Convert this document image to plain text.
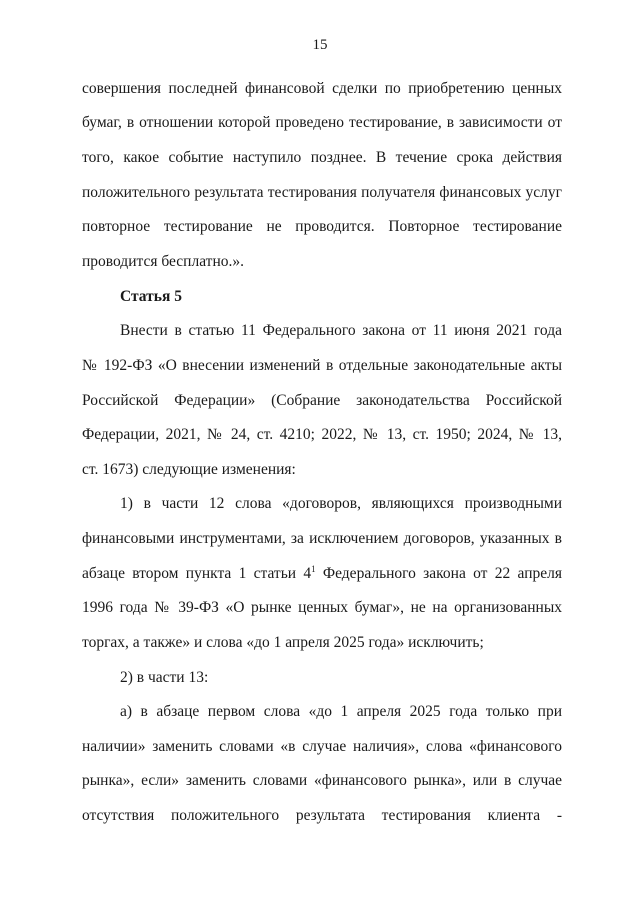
15
совершения последней финансовой сделки по приобретению ценных
бумаг, в отношении которой проведено тестирование, в зависимости от
того, какое событие наступило позднее. В течение срока действия
положительного результата тестирования получателя финансовых услуг
повторное тестирование не проводится. Повторное тестирование
проводится бесплатно.».
Статья 5
Внести в статью 11 Федерального закона от 11 июня 2021 года
№ 192-ФЗ «О внесении изменений в отдельные законодательные акты
Российской Федерации» (Собрание законодательства Российской
Федерации, 2021, № 24, ст. 4210; 2022, № 13, ст. 1950; 2024, № 13,
ст. 1673) следующие изменения:
1) в части 12 слова «договоров, являющихся производными
финансовыми инструментами, за исключением договоров, указанных в
абзаце втором пункта 1 статьи $4^1$ Федерального закона от 22 апреля
1996 года № 39-ФЗ «О рынке ценных бумаг», не на организованных
торгах, а также» и слова «до 1 апреля 2025 года» исключить;
2) в части 13:
а) в абзаце первом слова «до 1 апреля 2025 года только при
наличии» заменить словами «в случае наличия», слова «финансового
рынка», если» заменить словами «финансового рынка», или в случае
отсутствия положительного результата тестирования клиента -
